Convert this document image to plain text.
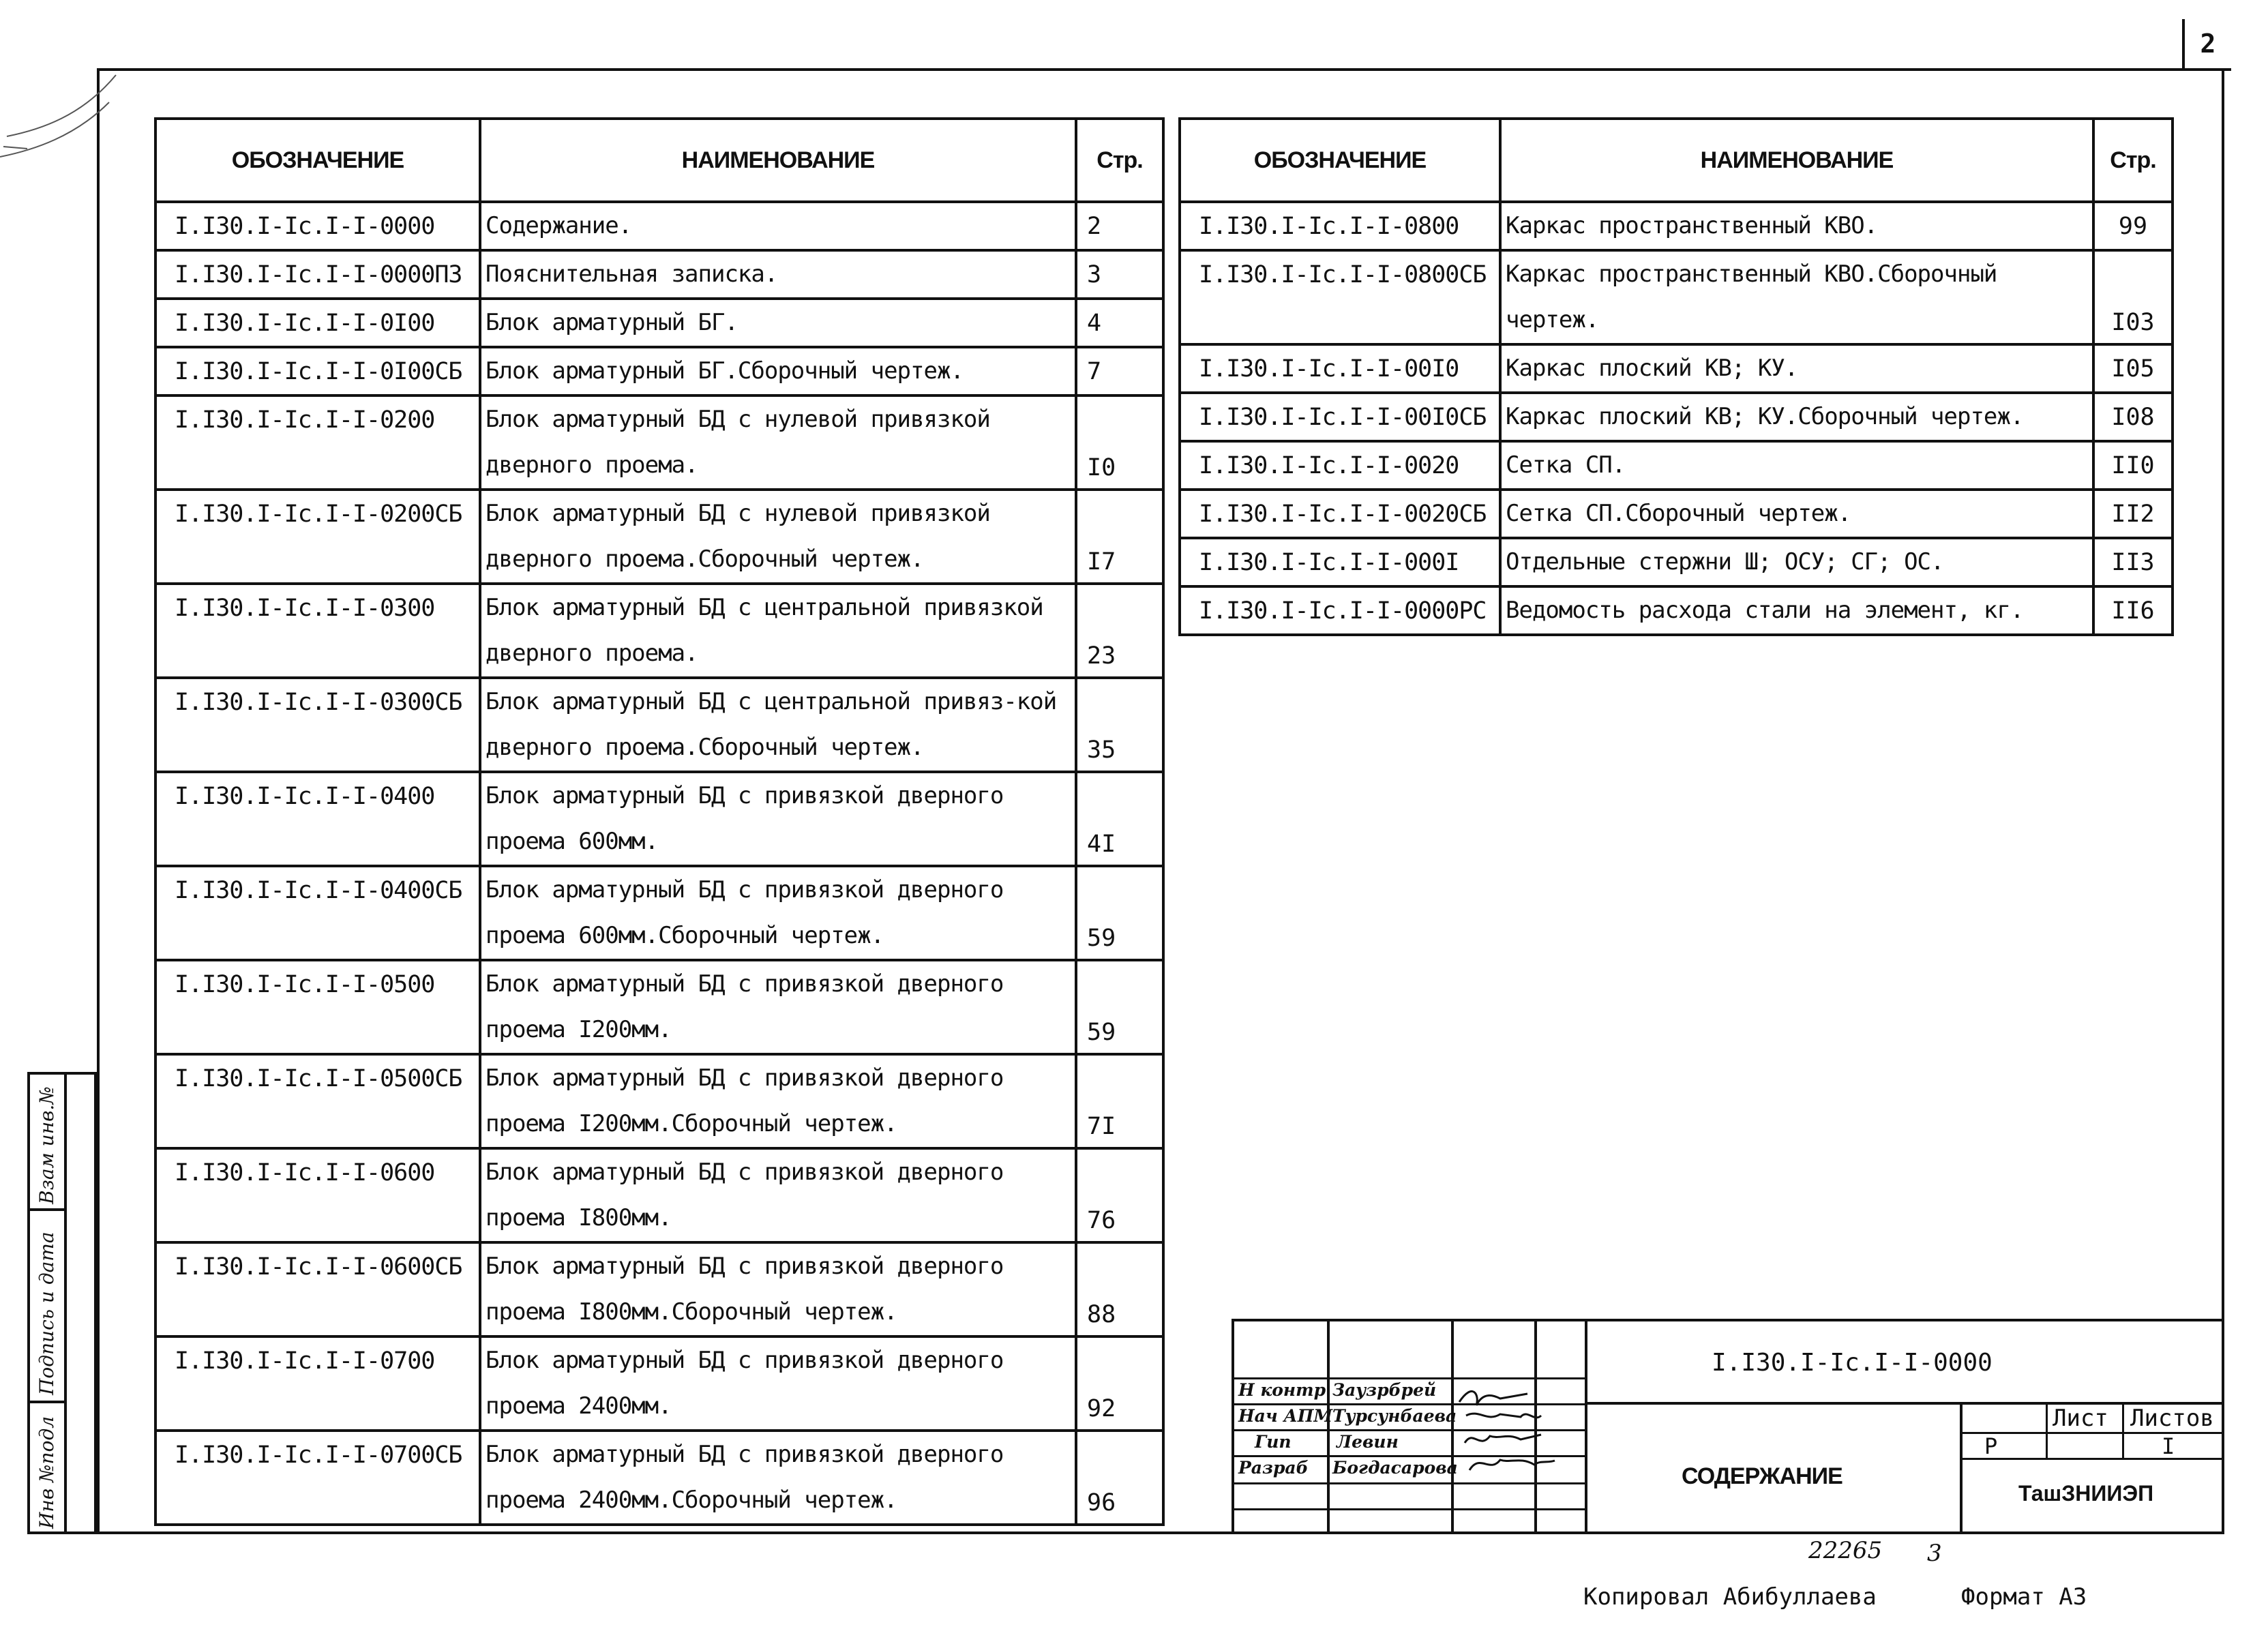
2
ОБОЗНАЧЕНИЕ	НАИМЕНОВАНИЕ	Стр.
I.I30.I-Ic.I-I-0000	Содержание.	2
I.I30.I-Ic.I-I-0000ПЗ	Пояснительная записка.	3
I.I30.I-Ic.I-I-0I00	Блок арматурный БГ.	4
I.I30.I-Ic.I-I-0I00СБ	Блок арматурный БГ.Сборочный чертеж.	7
I.I30.I-Ic.I-I-0200	Блок арматурный БД с нулевой привязкой дверного проема.	I0
I.I30.I-Ic.I-I-0200СБ	Блок арматурный БД с нулевой привязкой дверного проема.Сборочный чертеж.	I7
I.I30.I-Ic.I-I-0300	Блок арматурный БД с центральной привязкой дверного проема.	23
I.I30.I-Ic.I-I-0300СБ	Блок арматурный БД с центральной привяз-кой дверного проема.Сборочный чертеж.	35
I.I30.I-Ic.I-I-0400	Блок арматурный БД с привязкой дверного проема 600мм.	4I
I.I30.I-Ic.I-I-0400СБ	Блок арматурный БД с привязкой дверного проема 600мм.Сборочный чертеж.	59
I.I30.I-Ic.I-I-0500	Блок арматурный БД с привязкой дверного проема I200мм.	59
I.I30.I-Ic.I-I-0500СБ	Блок арматурный БД с привязкой дверного проема I200мм.Сборочный чертеж.	7I
I.I30.I-Ic.I-I-0600	Блок арматурный БД с привязкой дверного проема I800мм.	76
I.I30.I-Ic.I-I-0600СБ	Блок арматурный БД с привязкой дверного проема I800мм.Сборочный чертеж.	88
I.I30.I-Ic.I-I-0700	Блок арматурный БД с привязкой дверного проема 2400мм.	92
I.I30.I-Ic.I-I-0700СБ	Блок арматурный БД с привязкой дверного проема 2400мм.Сборочный чертеж.	96
ОБОЗНАЧЕНИЕ	НАИМЕНОВАНИЕ	Стр.
I.I30.I-Ic.I-I-0800	Каркас пространственный КВО.	99
I.I30.I-Ic.I-I-0800СБ	Каркас пространственный КВО.Сборочный чертеж.	I03
I.I30.I-Ic.I-I-00I0	Каркас плоский КВ; КУ.	I05
I.I30.I-Ic.I-I-00I0СБ	Каркас плоский КВ; КУ.Сборочный чертеж.	I08
I.I30.I-Ic.I-I-0020	Сетка СП.	II0
I.I30.I-Ic.I-I-0020СБ	Сетка СП.Сборочный чертеж.	II2
I.I30.I-Ic.I-I-000I	Отдельные стержни Ш; ОСУ; СГ; ОС.	II3
I.I30.I-Ic.I-I-0000РС	Ведомость расхода стали на элемент, кг.	II6
Взам инв.№
Подпись и дата
Инв №подл
Н контр Заузрбрей
Нач АПМ Турсунбаева
Гип	Левин
Разраб Богдасарова
I.I30.I-Ic.I-I-0000
СОДЕРЖАНИЕ
Лист Листов
Р	I
ТашЗНИИЭП
22265 3
Копировал Абибуллаева	Формат А3
